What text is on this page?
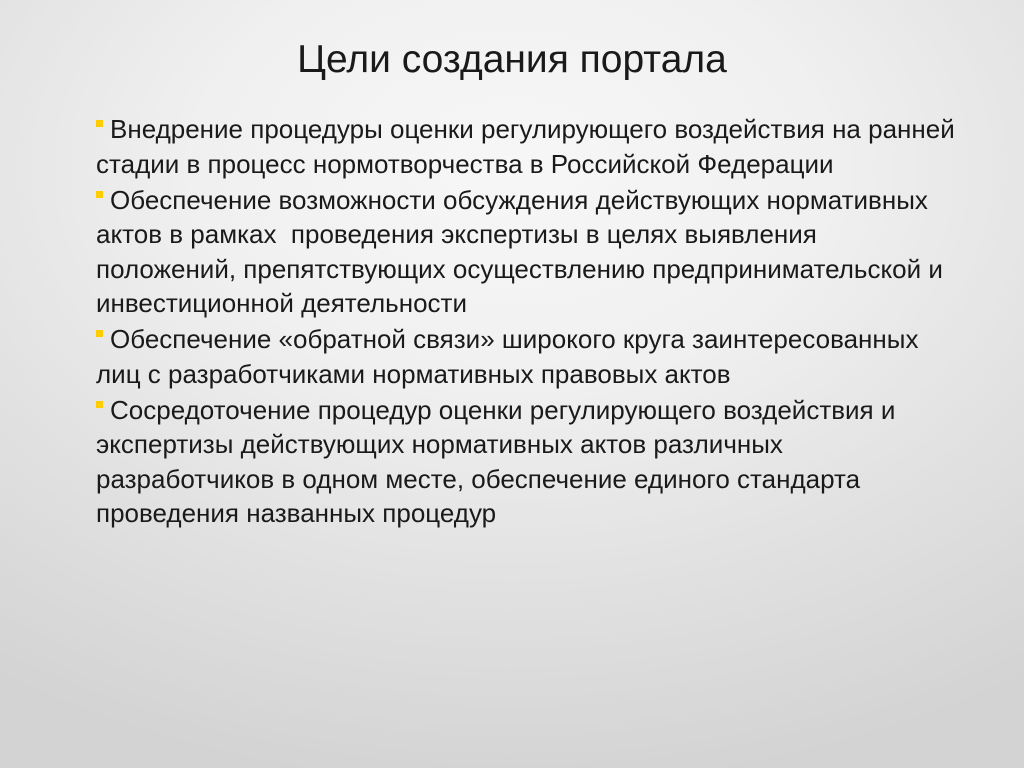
Цели создания портала
Внедрение процедуры оценки регулирующего воздействия на ранней стадии в процесс нормотворчества в Российской Федерации
Обеспечение возможности обсуждения действующих нормативных актов в рамках  проведения экспертизы в целях выявления положений, препятствующих осуществлению предпринимательской и инвестиционной деятельности
Обеспечение «обратной связи» широкого круга заинтересованных лиц с разработчиками нормативных правовых актов
Сосредоточение процедур оценки регулирующего воздействия и экспертизы действующих нормативных актов различных разработчиков в одном месте, обеспечение единого стандарта проведения названных процедур
